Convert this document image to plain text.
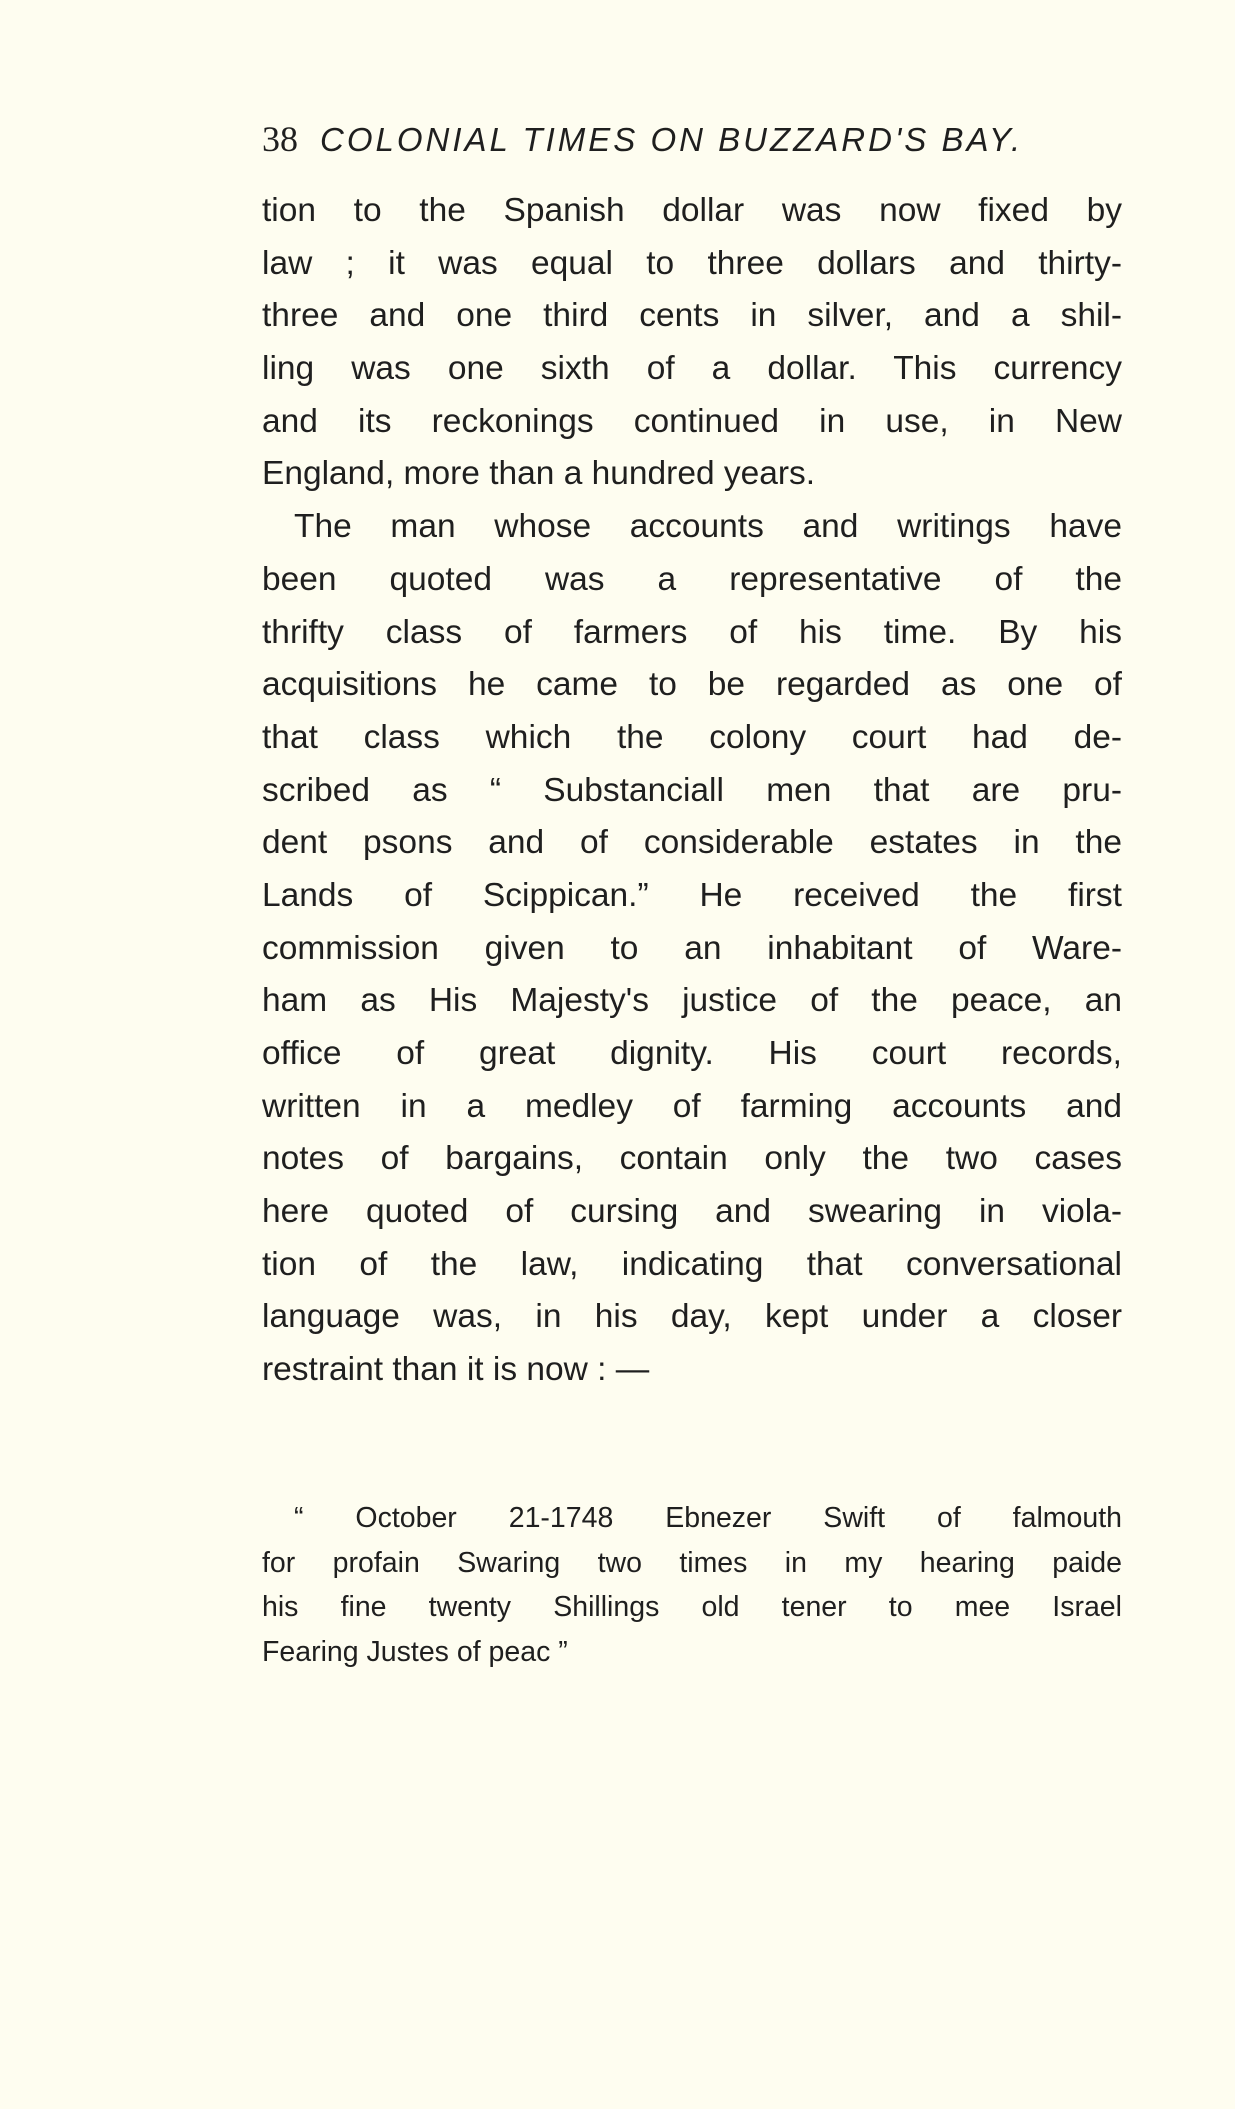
38 COLONIAL TIMES ON BUZZARD'S BAY.
tion to the Spanish dollar was now fixed by
law ; it was equal to three dollars and thirty-
three and one third cents in silver, and a shil-
ling was one sixth of a dollar. This currency
and its reckonings continued in use, in New
England, more than a hundred years.
The man whose accounts and writings have
been quoted was a representative of the
thrifty class of farmers of his time. By his
acquisitions he came to be regarded as one of
that class which the colony court had de-
scribed as “ Substanciall men that are pru-
dent psons and of considerable estates in the
Lands of Scippican.” He received the first
commission given to an inhabitant of Ware-
ham as His Majesty's justice of the peace, an
office of great dignity. His court records,
written in a medley of farming accounts and
notes of bargains, contain only the two cases
here quoted of cursing and swearing in viola-
tion of the law, indicating that conversational
language was, in his day, kept under a closer
restraint than it is now : —
“ October 21-1748 Ebnezer Swift of falmouth
for profain Swaring two times in my hearing paide
his fine twenty Shillings old tener to mee Israel
Fearing Justes of peac ”
